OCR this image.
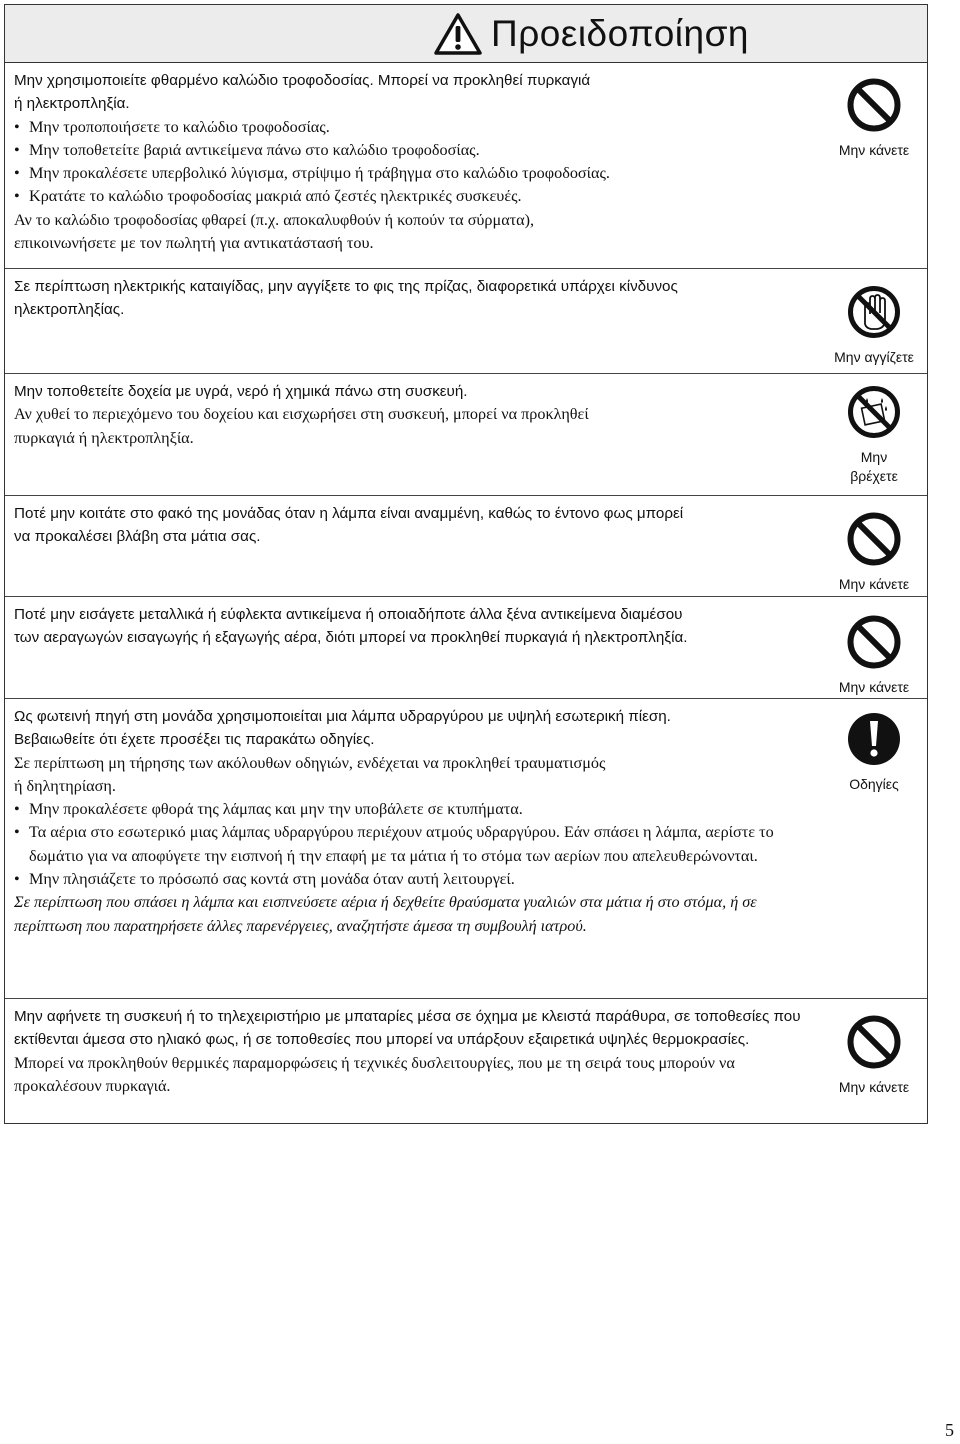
Προειδοποίηση

Μην χρησιμοποιείτε φθαρμένο καλώδιο τροφοδοσίας. Μπορεί να προκληθεί πυρκαγιά

ή ηλεκτροπληξία.

• Μην τροποποιήσετε το καλώδιο τροφοδοσίας.

• Μην τοποθετείτε βαριά αντικείμενα πάνω στο καλώδιο τροφοδοσίας.

• Μην προκαλέσετε υπερβολικό λύγισμα, στρίψιμο ή τράβηγμα στο καλώδιο τροφοδοσίας.

• Κρατάτε το καλώδιο τροφοδοσίας μακριά από ζεστές ηλεκτρικές συσκευές.

Αν το καλώδιο τροφοδοσίας φθαρεί (π.χ. αποκαλυφθούν ή κοπούν τα σύρματα),

επικοινωνήσετε με τον πωλητή για αντικατάστασή του.

Μην κάνετε

Σε περίπτωση ηλεκτρικής καταιγίδας, μην αγγίξετε το φις της πρίζας, διαφορετικά υπάρχει κίνδυνος

ηλεκτροπληξίας.

Μην αγγίζετε

Μην τοποθετείτε δοχεία με υγρά, νερό ή χημικά πάνω στη συσκευή.

Αν χυθεί το περιεχόμενο του δοχείου και εισχωρήσει στη συσκευή, μπορεί να προκληθεί

πυρκαγιά ή ηλεκτροπληξία.

Μην
βρέχετε

Ποτέ μην κοιτάτε στο φακό της μονάδας όταν η λάμπα είναι αναμμένη, καθώς το έντονο φως μπορεί

να προκαλέσει βλάβη στα μάτια σας.

Μην κάνετε

Ποτέ μην εισάγετε μεταλλικά ή εύφλεκτα αντικείμενα ή οποιαδήποτε άλλα ξένα αντικείμενα διαμέσου

των αεραγωγών εισαγωγής ή εξαγωγής αέρα, διότι μπορεί να προκληθεί πυρκαγιά ή ηλεκτροπληξία.

Μην κάνετε

Ως φωτεινή πηγή στη μονάδα χρησιμοποιείται μια λάμπα υδραργύρου με υψηλή εσωτερική πίεση.

Βεβαιωθείτε ότι έχετε προσέξει τις παρακάτω οδηγίες.

Σε περίπτωση μη τήρησης των ακόλουθων οδηγιών, ενδέχεται να προκληθεί τραυματισμός

ή δηλητηρίαση.

• Μην προκαλέσετε φθορά της λάμπας και μην την υποβάλετε σε κτυπήματα.

• Τα αέρια στο εσωτερικό μιας λάμπας υδραργύρου περιέχουν ατμούς υδραργύρου. Εάν σπάσει η λάμπα, αερίστε το δωμάτιο για να αποφύγετε την εισπνοή ή την επαφή με τα μάτια ή το στόμα των αερίων που απελευθερώνονται.

• Μην πλησιάζετε το πρόσωπό σας κοντά στη μονάδα όταν αυτή λειτουργεί.

Σε περίπτωση που σπάσει η λάμπα και εισπνεύσετε αέρια ή δεχθείτε θραύσματα γυαλιών στα μάτια ή στο στόμα, ή σε περίπτωση που παρατηρήσετε άλλες παρενέργειες, αναζητήστε άμεσα τη συμβουλή ιατρού.

Οδηγίες

Μην αφήνετε τη συσκευή ή το τηλεχειριστήριο με μπαταρίες μέσα σε όχημα με κλειστά παράθυρα, σε τοποθεσίες που εκτίθενται άμεσα στο ηλιακό φως, ή σε τοποθεσίες που μπορεί να υπάρξουν εξαιρετικά υψηλές θερμοκρασίες.

Μπορεί να προκληθούν θερμικές παραμορφώσεις ή τεχνικές δυσλειτουργίες, που με τη σειρά τους μπορούν να προκαλέσουν πυρκαγιά.	Μην κάνετε
5
